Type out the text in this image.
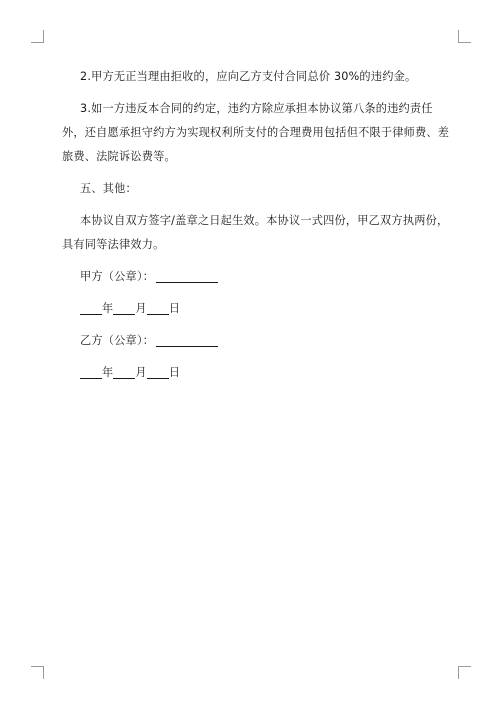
2.甲方无正当理由拒收的，应向乙方支付合同总价 30%的违约金。

3.如一方违反本合同的约定，违约方除应承担本协议第八条的违约责任外，还自愿承担守约方为实现权利所支付的合理费用包括但不限于律师费、差旅费、法院诉讼费等。

五、其他：

本协议自双方签字/盖章之日起生效。本协议一式四份，甲乙双方执两份，具有同等法律效力。

甲方（公章）：
年 月 日
乙方（公章）：
年 月 日
